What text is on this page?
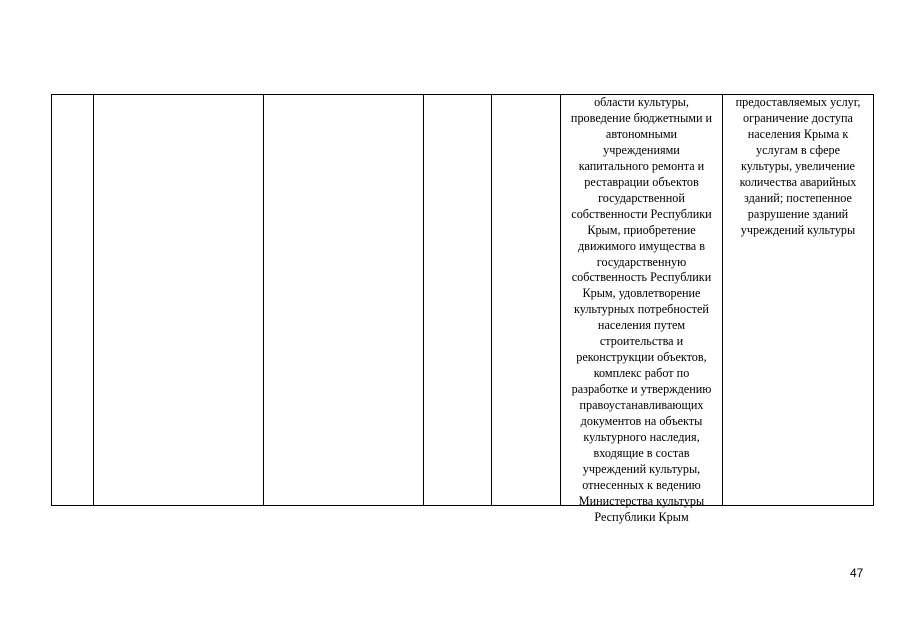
области культуры,
проведение бюджетными и
автономными
учреждениями
капитального ремонта и
реставрации объектов
государственной
собственности Республики
Крым, приобретение
движимого имущества в
государственную
собственность Республики
Крым, удовлетворение
культурных потребностей
населения путем
строительства и
реконструкции объектов,
комплекс работ по
разработке и утверждению
правоустанавливающих
документов на объекты
культурного наследия,
входящие в состав
учреждений культуры,
отнесенных к ведению
Министерства культуры
Республики Крым

предоставляемых услуг,
ограничение доступа
населения Крыма к
услугам в сфере
культуры, увеличение
количества аварийных
зданий; постепенное
разрушение зданий
учреждений культуры

47
